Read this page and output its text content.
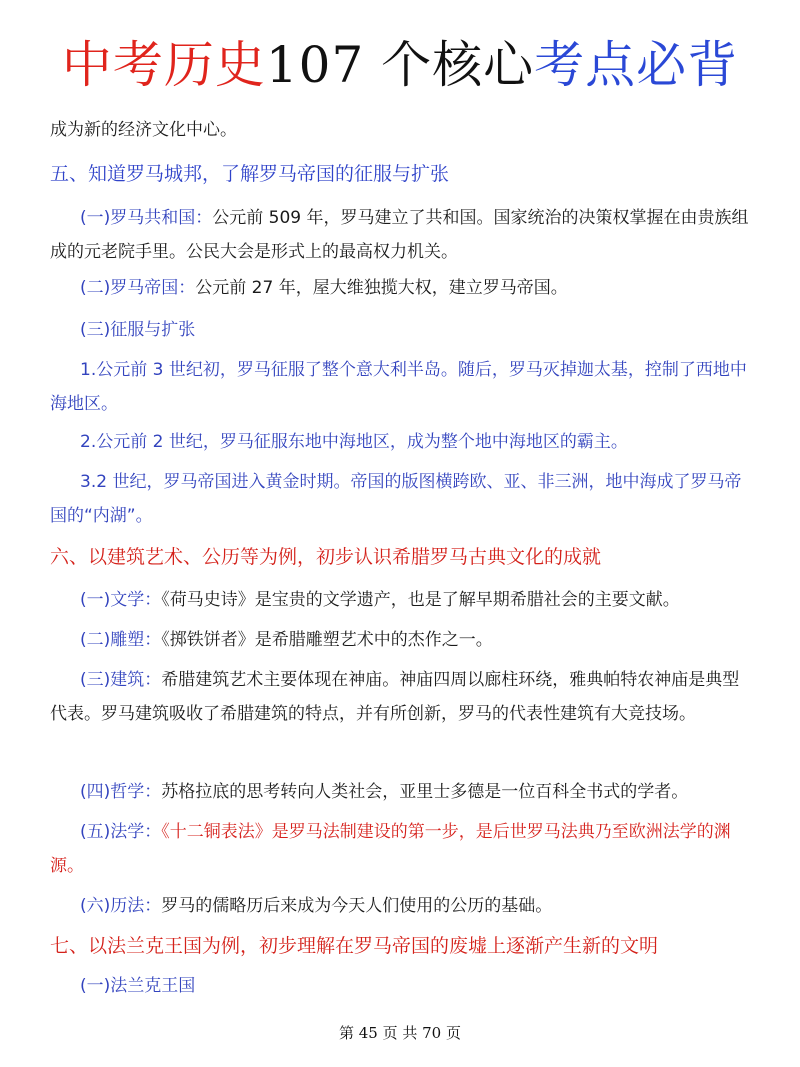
中考历史107 个核心考点必背
成为新的经济文化中心。
五、知道罗马城邦，了解罗马帝国的征服与扩张
(一)罗马共和国：公元前 509 年，罗马建立了共和国。国家统治的决策权掌握在由贵族组成的元老院手里。公民大会是形式上的最高权力机关。
(二)罗马帝国：公元前 27 年，屋大维独揽大权，建立罗马帝国。
(三)征服与扩张
1.公元前 3 世纪初，罗马征服了整个意大利半岛。随后，罗马灭掉迦太基，控制了西地中海地区。
2.公元前 2 世纪，罗马征服东地中海地区，成为整个地中海地区的霸主。
3.2 世纪，罗马帝国进入黄金时期。帝国的版图横跨欧、亚、非三洲，地中海成了罗马帝国的“内湖”。
六、以建筑艺术、公历等为例，初步认识希腊罗马古典文化的成就
(一)文学：《荷马史诗》是宝贵的文学遗产，也是了解早期希腊社会的主要文献。
(二)雕塑：《掷铁饼者》是希腊雕塑艺术中的杰作之一。
(三)建筑：希腊建筑艺术主要体现在神庙。神庙四周以廊柱环绕，雅典帕特农神庙是典型代表。罗马建筑吸收了希腊建筑的特点，并有所创新，罗马的代表性建筑有大竞技场。
(四)哲学：苏格拉底的思考转向人类社会，亚里士多德是一位百科全书式的学者。
(五)法学：《十二铜表法》是罗马法制建设的第一步，是后世罗马法典乃至欧洲法学的渊源。
(六)历法：罗马的儒略历后来成为今天人们使用的公历的基础。
七、以法兰克王国为例，初步理解在罗马帝国的废墟上逐渐产生新的文明
(一)法兰克王国
第 45 页 共 70 页
